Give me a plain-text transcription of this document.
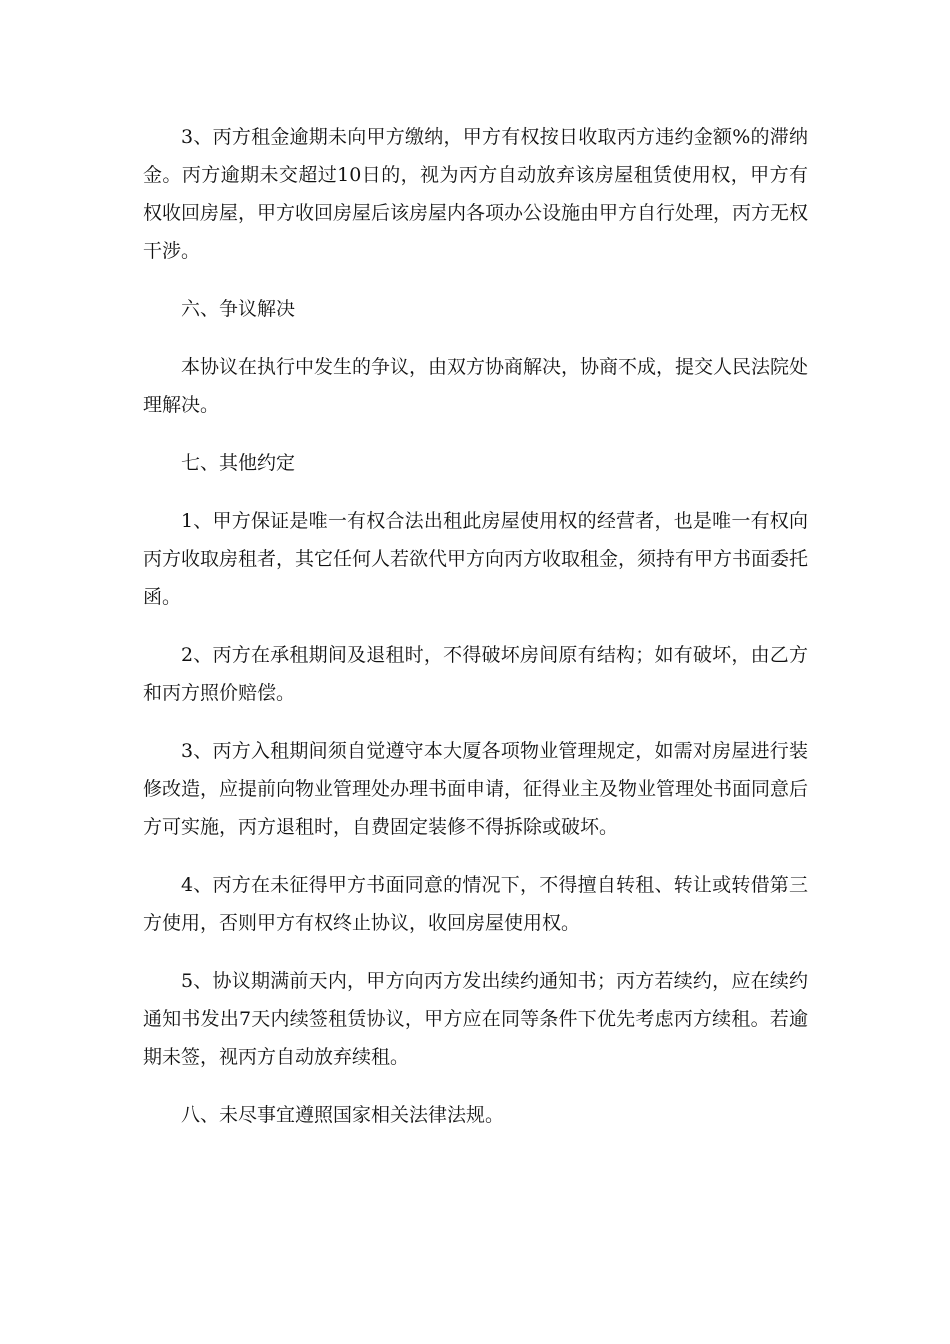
3、丙方租金逾期未向甲方缴纳，甲方有权按日收取丙方违约金额%的滞纳金。丙方逾期未交超过10日的，视为丙方自动放弃该房屋租赁使用权，甲方有权收回房屋，甲方收回房屋后该房屋内各项办公设施由甲方自行处理，丙方无权干涉。

六、争议解决

本协议在执行中发生的争议，由双方协商解决，协商不成，提交人民法院处理解决。

七、其他约定

1、甲方保证是唯一有权合法出租此房屋使用权的经营者，也是唯一有权向丙方收取房租者，其它任何人若欲代甲方向丙方收取租金，须持有甲方书面委托函。

2、丙方在承租期间及退租时，不得破坏房间原有结构；如有破坏，由乙方和丙方照价赔偿。

3、丙方入租期间须自觉遵守本大厦各项物业管理规定，如需对房屋进行装修改造，应提前向物业管理处办理书面申请，征得业主及物业管理处书面同意后方可实施，丙方退租时，自费固定装修不得拆除或破坏。

4、丙方在未征得甲方书面同意的情况下，不得擅自转租、转让或转借第三方使用，否则甲方有权终止协议，收回房屋使用权。

5、协议期满前天内，甲方向丙方发出续约通知书；丙方若续约，应在续约通知书发出7天内续签租赁协议，甲方应在同等条件下优先考虑丙方续租。若逾期未签，视丙方自动放弃续租。

八、未尽事宜遵照国家相关法律法规。
